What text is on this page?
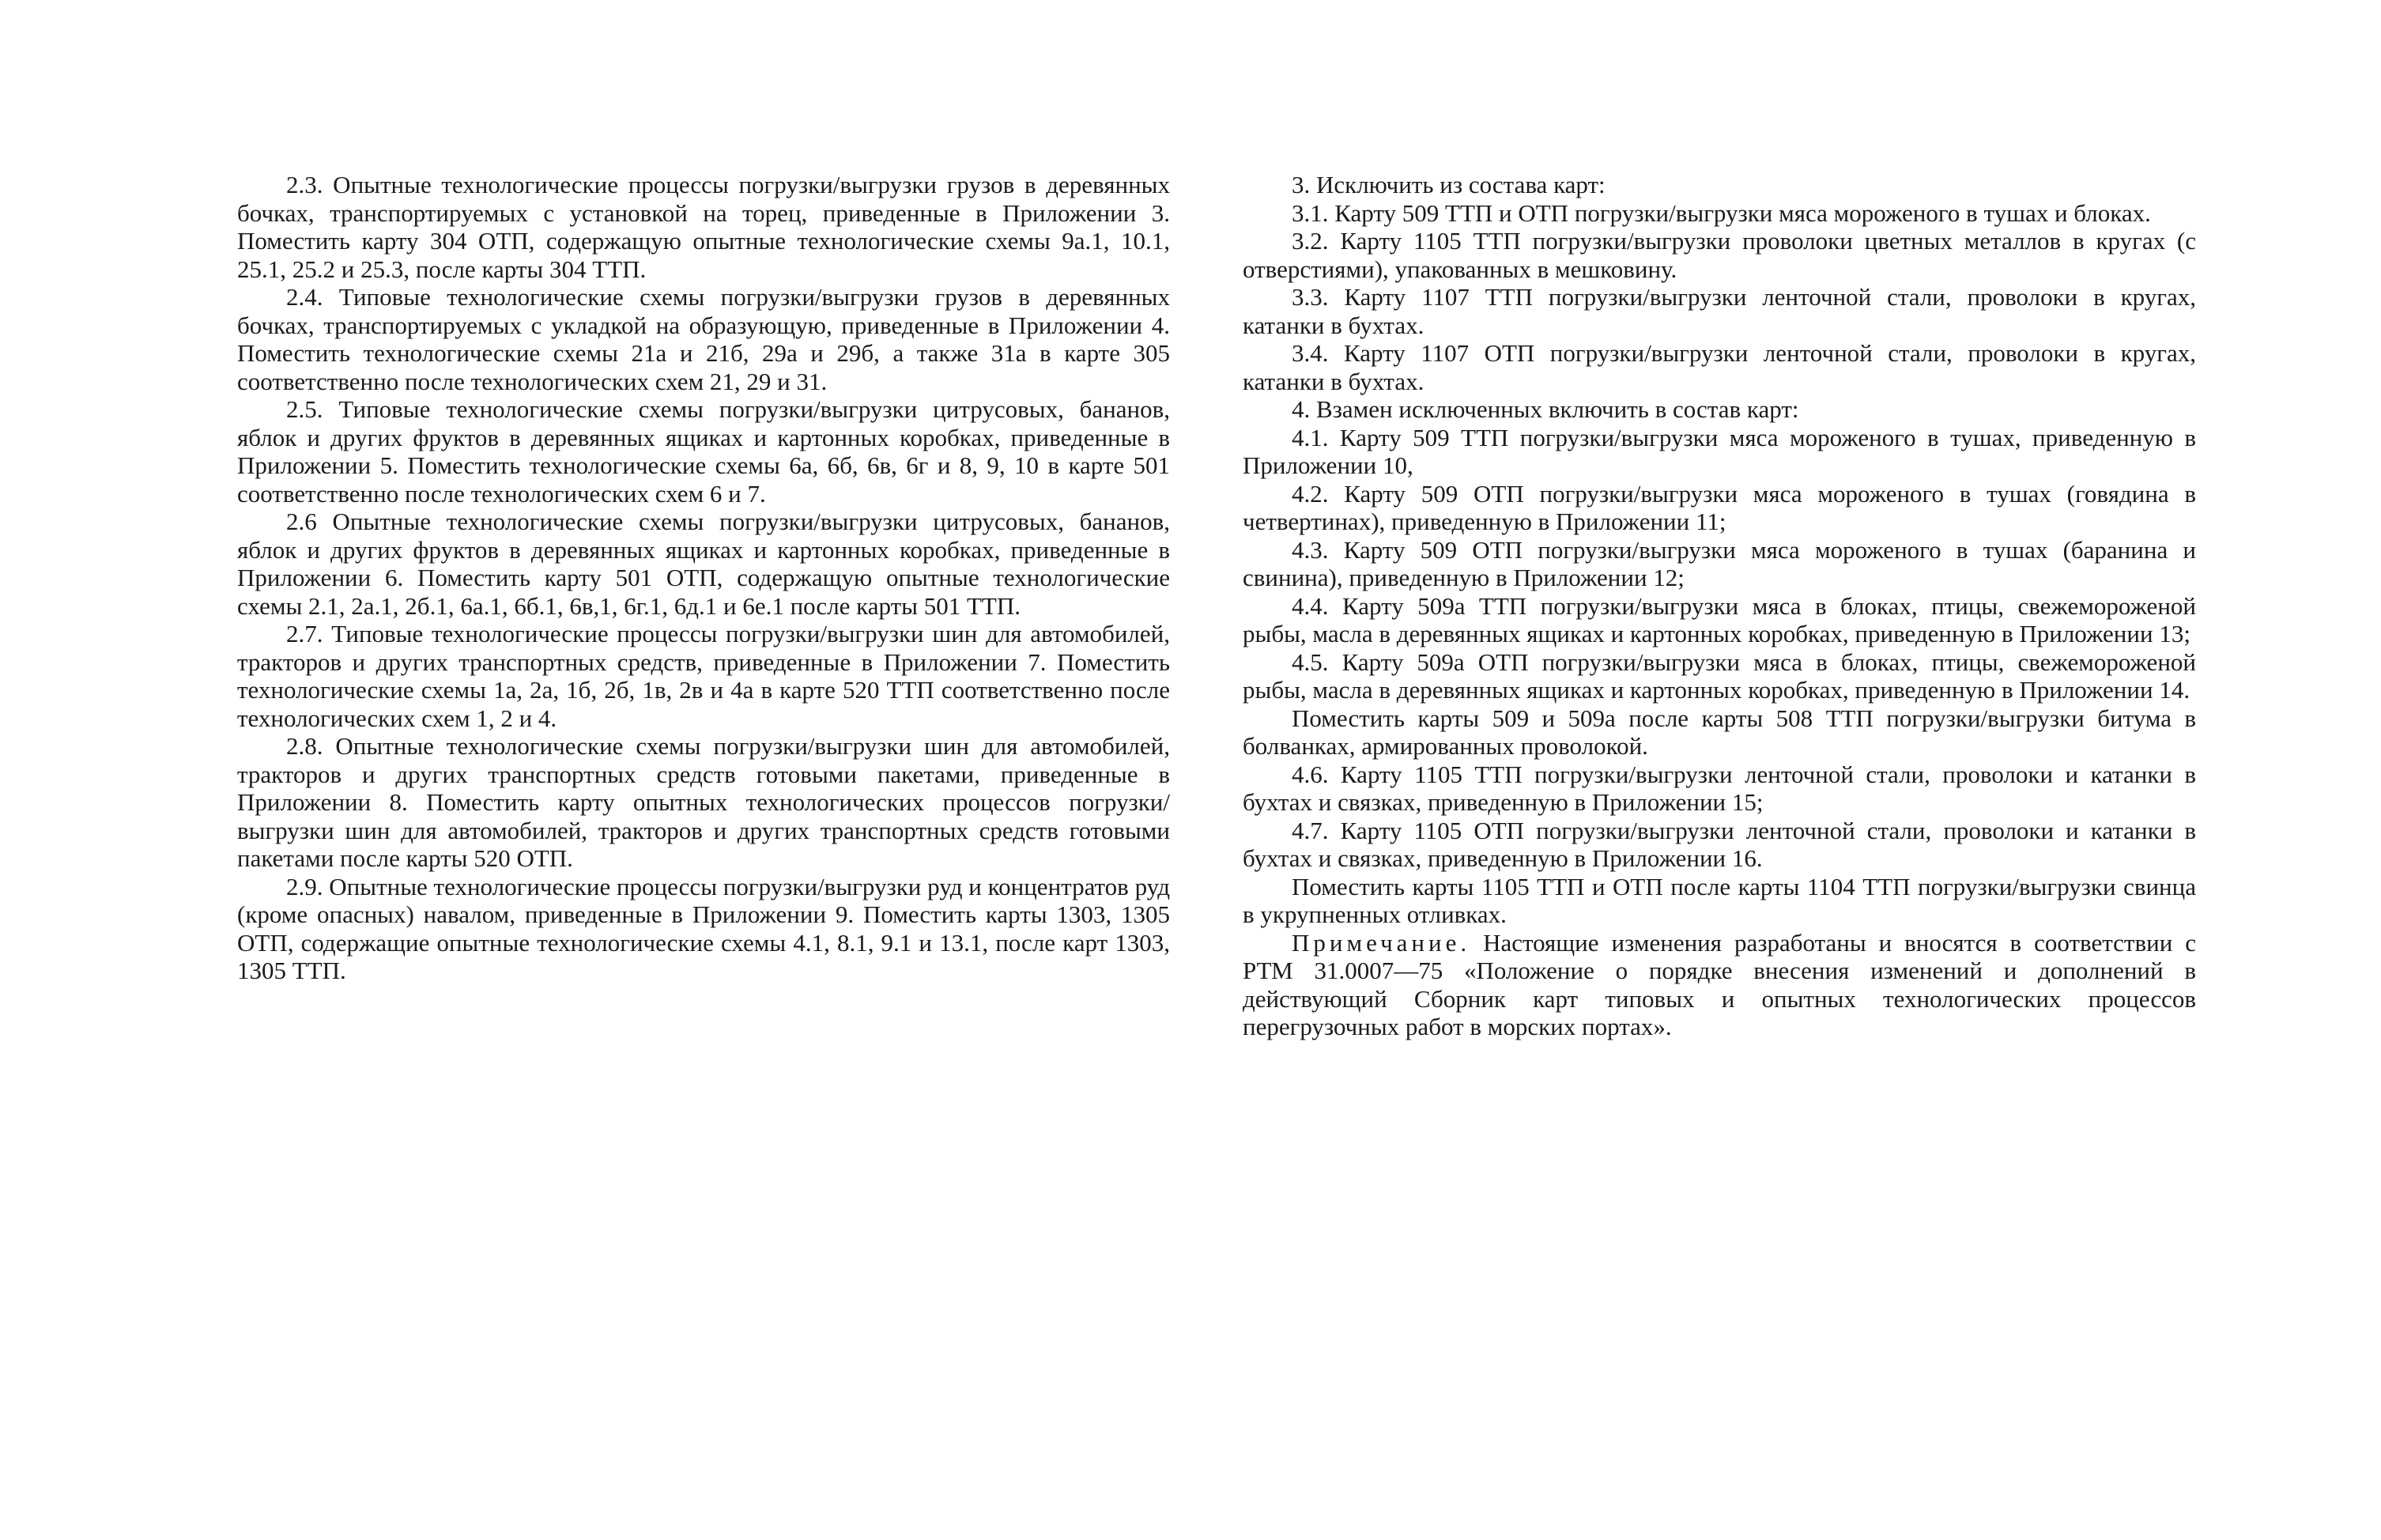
2.3. Опытные технологические процессы погрузки/выгрузки грузов в деревянных бочках, транспортируемых с установкой на торец, приведенные в Приложении 3. Поместить карту 304 ОТП, содержащую опытные технологические схемы 9а.1, 10.1, 25.1, 25.2 и 25.3, после карты 304 ТТП.

2.4. Типовые технологические схемы погрузки/выгрузки грузов в деревянных бочках, транспортируемых с укладкой на образующую, приведенные в Приложении 4. Поместить технологические схемы 21а и 21б, 29а и 29б, а также 31а в карте 305 соответственно после технологических схем 21, 29 и 31.

2.5. Типовые технологические схемы погрузки/выгрузки цитрусовых, бананов, яблок и других фруктов в деревянных ящиках и картонных коробках, приведенные в Приложении 5. Поместить технологические схемы 6а, 6б, 6в, 6г и 8, 9, 10 в карте 501 соответственно после технологических схем 6 и 7.

2.6 Опытные технологические схемы погрузки/выгрузки цитрусовых, бананов, яблок и других фруктов в деревянных ящиках и картонных коробках, приведенные в Приложении 6. Поместить карту 501 ОТП, содержащую опытные технологические схемы 2.1, 2а.1, 2б.1, 6а.1, 6б.1, 6в,1, 6г.1, 6д.1 и 6е.1 после карты 501 ТТП.

2.7. Типовые технологические процессы погрузки/выгрузки шин для автомобилей, тракторов и других транспортных средств, приведенные в Приложении 7. Поместить технологические схемы 1а, 2а, 1б, 2б, 1в, 2в и 4а в карте 520 ТТП соответственно после технологических схем 1, 2 и 4.

2.8. Опытные технологические схемы погрузки/выгрузки шин для автомобилей, тракторов и других транспортных средств готовыми пакетами, приведенные в Приложении 8. Поместить карту опытных технологических процессов погрузки/выгрузки шин для автомобилей, тракторов и других транспортных средств готовыми пакетами после карты 520 ОТП.

2.9. Опытные технологические процессы погрузки/выгрузки руд и концентратов руд (кроме опасных) навалом, приведенные в Приложении 9. Поместить карты 1303, 1305 ОТП, содержащие опытные технологические схемы 4.1, 8.1, 9.1 и 13.1, после карт 1303, 1305 ТТП.

3. Исключить из состава карт:

3.1. Карту 509 ТТП и ОТП погрузки/выгрузки мяса мороженого в тушах и блоках.

3.2. Карту 1105 ТТП погрузки/выгрузки проволоки цветных металлов в кругах (с отверстиями), упакованных в мешковину.

3.3. Карту 1107 ТТП погрузки/выгрузки ленточной стали, проволоки в кругах, катанки в бухтах.

3.4. Карту 1107 ОТП погрузки/выгрузки ленточной стали, проволоки в кругах, катанки в бухтах.

4. Взамен исключенных включить в состав карт:

4.1. Карту 509 ТТП погрузки/выгрузки мяса мороженого в тушах, приведенную в Приложении 10,

4.2. Карту 509 ОТП погрузки/выгрузки мяса мороженого в тушах (говядина в четвертинах), приведенную в Приложении 11;

4.3. Карту 509 ОТП погрузки/выгрузки мяса мороженого в тушах (баранина и свинина), приведенную в Приложении 12;

4.4. Карту 509а ТТП погрузки/выгрузки мяса в блоках, птицы, свежемороженой рыбы, масла в деревянных ящиках и картонных коробках, приведенную в Приложении 13;

4.5. Карту 509а ОТП погрузки/выгрузки мяса в блоках, птицы, свежемороженой рыбы, масла в деревянных ящиках и картонных коробках, приведенную в Приложении 14.

Поместить карты 509 и 509а после карты 508 ТТП погрузки/выгрузки битума в болванках, армированных проволокой.

4.6. Карту 1105 ТТП погрузки/выгрузки ленточной стали, проволоки и катанки в бухтах и связках, приведенную в Приложении 15;

4.7. Карту 1105 ОТП погрузки/выгрузки ленточной стали, проволоки и катанки в бухтах и связках, приведенную в Приложении 16.

Поместить карты 1105 ТТП и ОТП после карты 1104 ТТП погрузки/выгрузки свинца в укрупненных отливках.

Примечание. Настоящие изменения разработаны и вносятся в соответствии с РТМ 31.0007—75 «Положение о порядке внесения изменений и дополнений в действующий Сборник карт типовых и опытных технологических процессов перегрузочных работ в морских портах».
